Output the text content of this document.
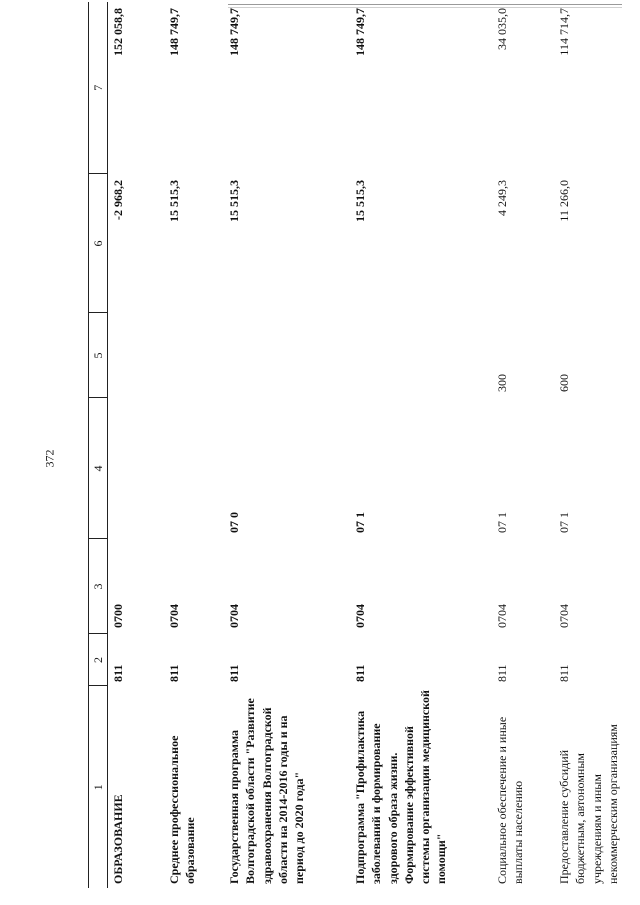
372
1	2	3	4	5	6	7
ОБРАЗОВАНИЕ	811	0700			-2 968,2	152 058,8
Среднее профессиональное образование	811	0704			15 515,3	148 749,7
Государственная программа Волгоградской области "Развитие здравоохранения Волгоградской области на 2014-2016 годы и на период до 2020 года"	811	0704	07 0		15 515,3	148 749,7
Подпрограмма "Профилактика заболеваний и формирование здорового образа жизни. Формирование эффективной системы организации медицинской помощи"	811	0704	07 1		15 515,3	148 749,7
Социальное обеспечение и иные выплаты населению	811	0704	07 1	300	4 249,3	34 035,0
Предоставление субсидий бюджетным, автономным учреждениям и иным некоммерческим организациям	811	0704	07 1	600	11 266,0	114 714,7
